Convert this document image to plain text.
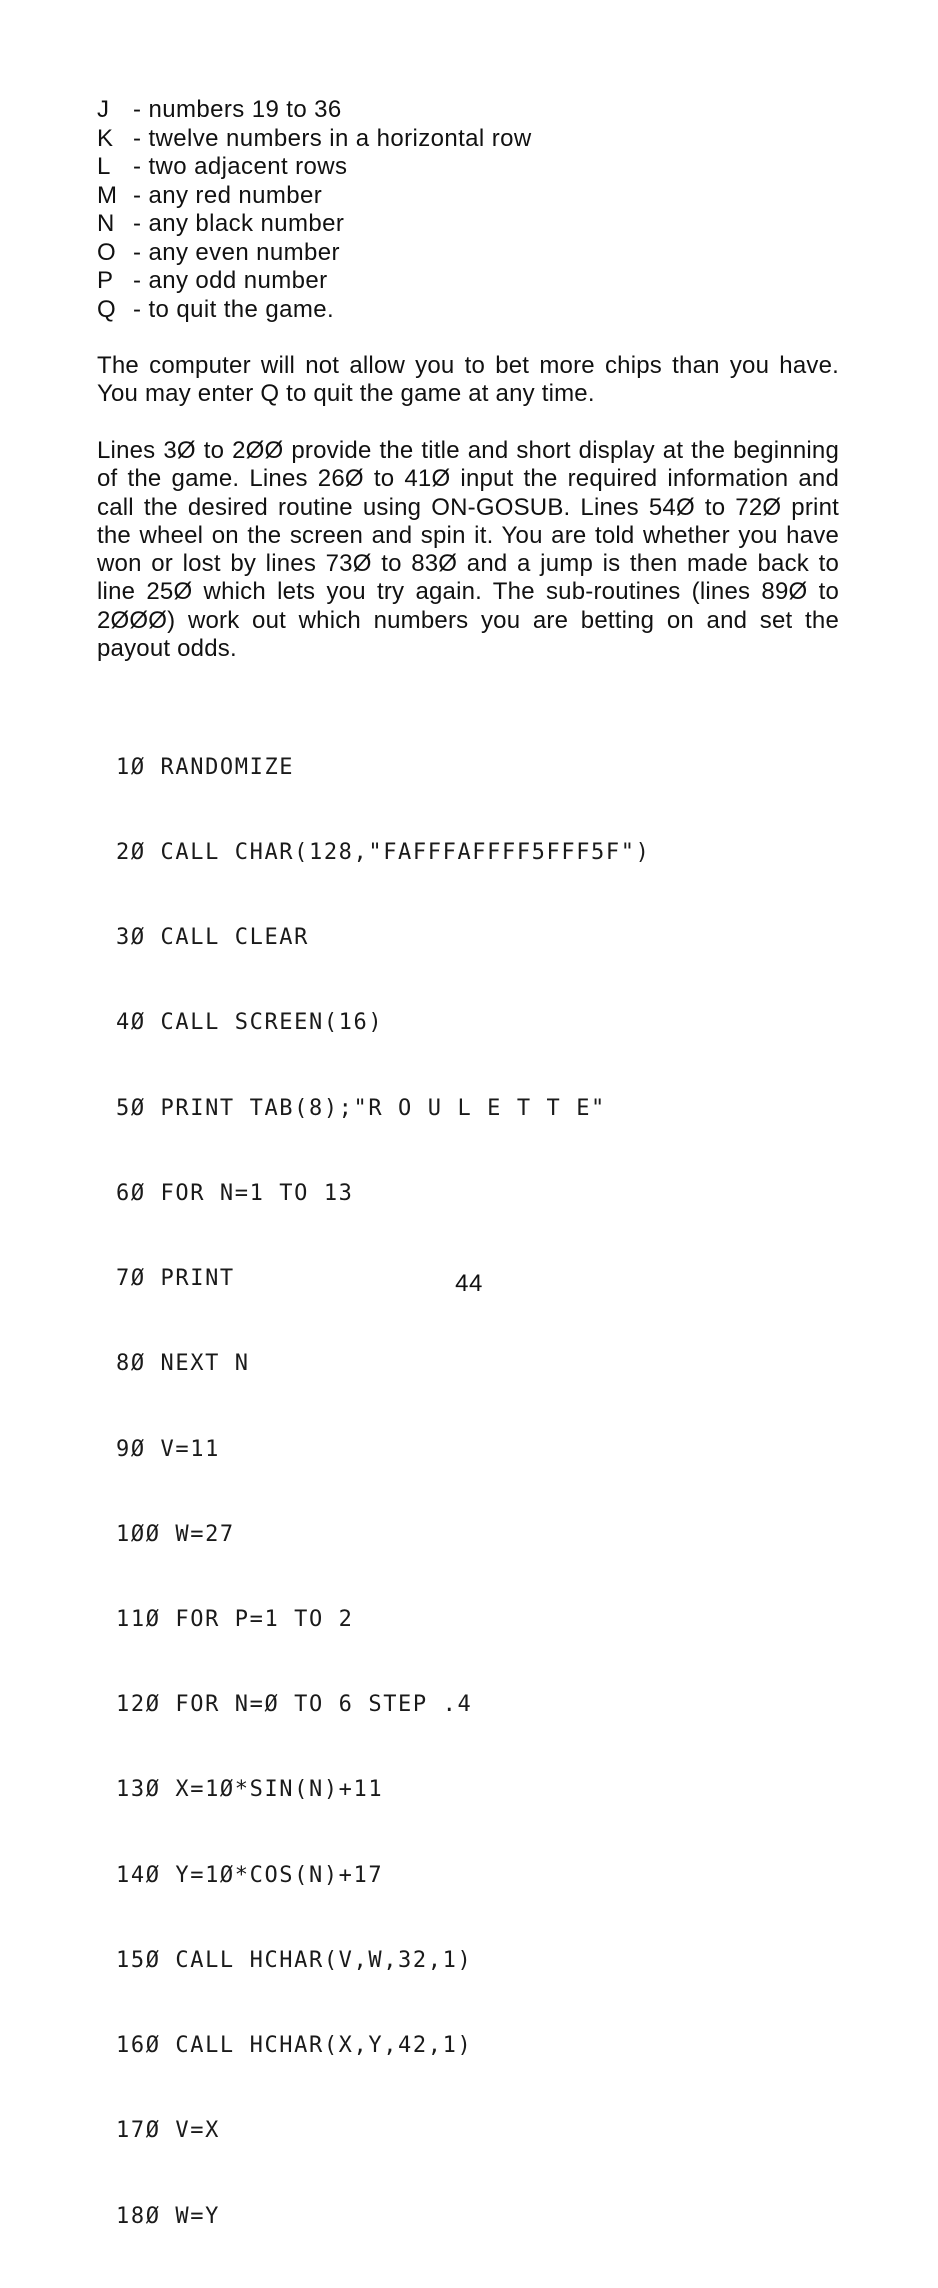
J	- numbers 19 to 36
K	- twelve numbers in a horizontal row
L	- two adjacent rows
M	- any red number
N	- any black number
O	- any even number
P	- any odd number
Q	- to quit the game.

The computer will not allow you to bet more chips than you have. You may enter Q to quit the game at any time.

Lines 3Ø to 2ØØ provide the title and short display at the beginning of the game. Lines 26Ø to 41Ø input the required information and call the desired routine using ON-GOSUB. Lines 54Ø to 72Ø print the wheel on the screen and spin it. You are told whether you have won or lost by lines 73Ø to 83Ø and a jump is then made back to line 25Ø which lets you try again. The sub-routines (lines 89Ø to 2ØØØ) work out which numbers you are betting on and set the payout odds.

1Ø RANDOMIZE

2Ø CALL CHAR(128,"FAFFFAFFFF5FFF5F")

3Ø CALL CLEAR

4Ø CALL SCREEN(16)

5Ø PRINT TAB(8);"R O U L E T T E"

6Ø FOR N=1 TO 13

7Ø PRINT

8Ø NEXT N

9Ø V=11

1ØØ W=27

11Ø FOR P=1 TO 2

12Ø FOR N=Ø TO 6 STEP .4

13Ø X=1Ø*SIN(N)+11

14Ø Y=1Ø*COS(N)+17

15Ø CALL HCHAR(V,W,32,1)

16Ø CALL HCHAR(X,Y,42,1)

17Ø V=X

18Ø W=Y

44
